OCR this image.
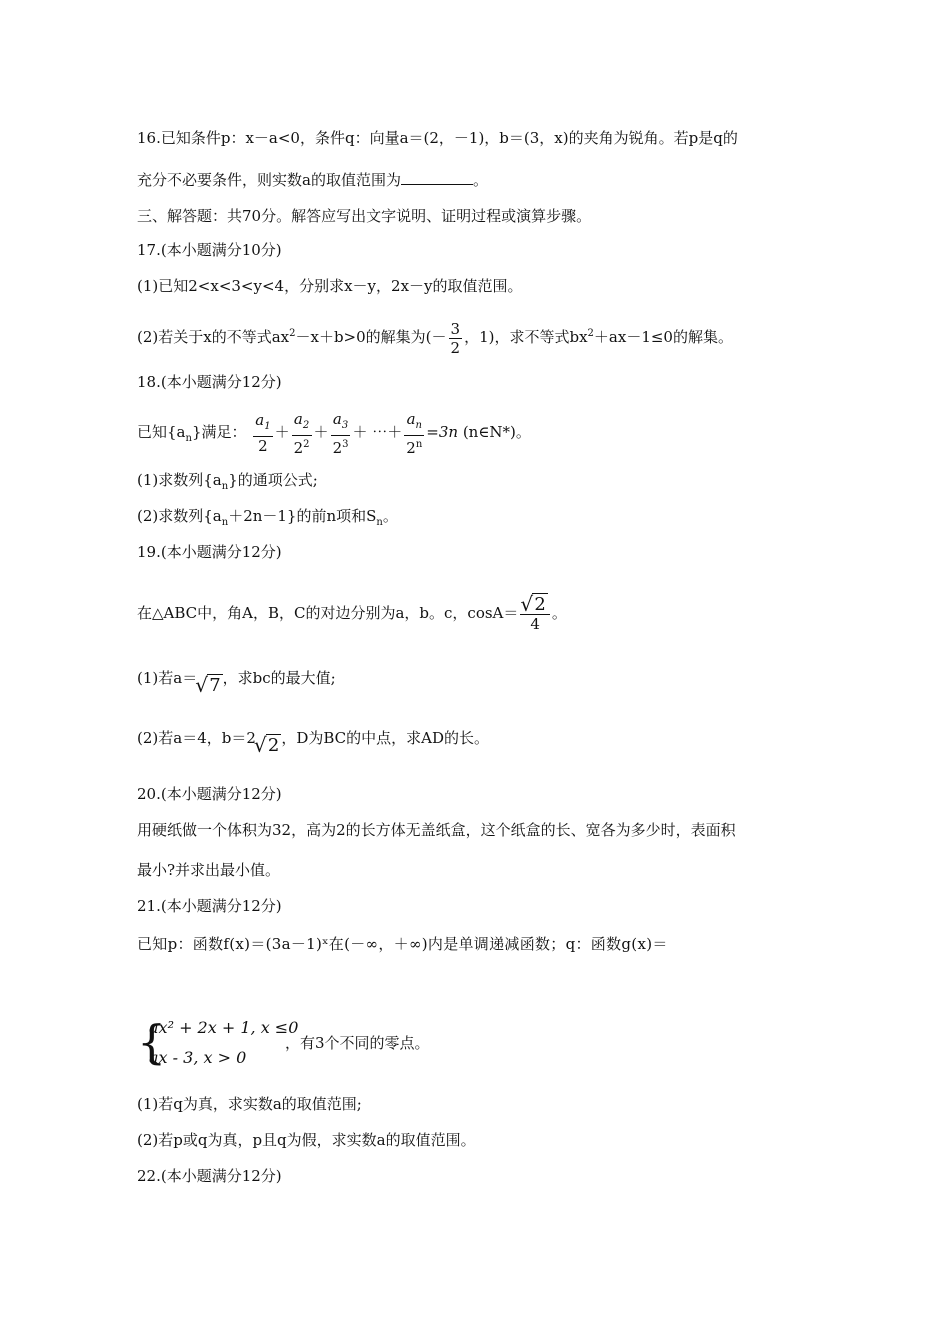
16.已知条件p：x－a<0，条件q：向量a＝(2，－1)，b＝(3，x)的夹角为锐角。若p是q的
充分不必要条件，则实数a的取值范围为	。
三、解答题：共70分。解答应写出文字说明、证明过程或演算步骤。
17.(本小题满分10分)
(1)已知2<x<3<y<4，分别求x－y，2x－y的取值范围。
(2)若关于x的不等式$ax^2-x+b>0$的解集为(－ $\frac{3}{2}$ ，1)，求不等式$bx^2+ax-1\le 0$的解集。
18.(本小题满分12分)
已知$\{a_n\}$满足： $\frac{a_1}{2} + \frac{a_2}{2^2} + \frac{a_3}{2^3}$ ＋ ⋯＋ $\frac{a_n}{2^n} =3n$ (n∈N*)。
(1)求数列$\{a_n\}$的通项公式;
(2)求数列$\{a_n+2n-1\}$的前n项和$S_n$。
19.(本小题满分12分)
在△ABC中，角A，B，C的对边分别为a，b。c，cosA＝ √ $\frac{2}{4}$ 。
(1)若a＝ √ 7 ，求bc的最大值;
(2)若a＝4，b＝2 √ 2 ，D为BC的中点，求AD的长。
20.(本小题满分12分)
用硬纸做一个体积为32，高为2的长方体无盖纸盒，这个纸盒的长、宽各为多少时，表面积
最小?并求出最小值。
21.(本小题满分12分)
已知p：函数f(x)＝(3a－1)ˣ在(－∞，＋∞)内是单调递减函数；q：函数g(x)＝
{
ax² + 2x + 1, x ≤0
ax - 3, x > 0
，有3个不同的零点。
(1)若q为真，求实数a的取值范围;
(2)若p或q为真，p且q为假，求实数a的取值范围。
22.(本小题满分12分)
